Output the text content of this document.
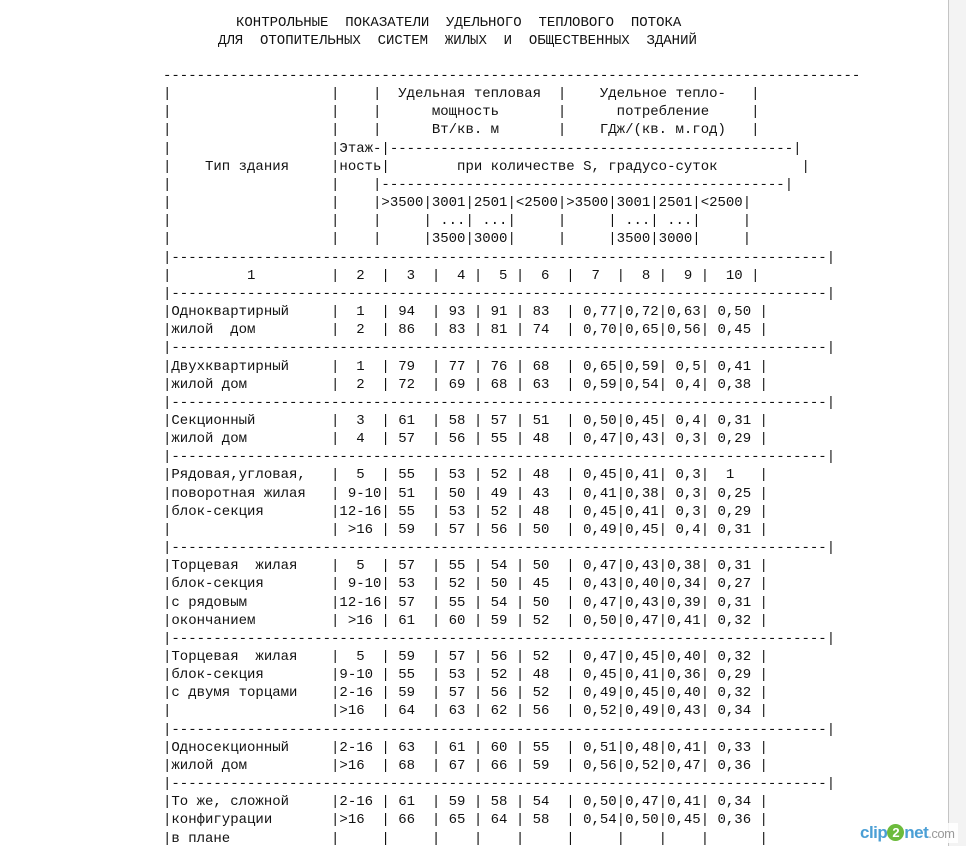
КОНТРОЛЬНЫЕ  ПОКАЗАТЕЛИ  УДЕЛЬНОГО  ТЕПЛОВОГО  ПОТОКА
ДЛЯ  ОТОПИТЕЛЬНЫХ  СИСТЕМ  ЖИЛЫХ  И  ОБЩЕСТВЕННЫХ  ЗДАНИЙ
-----------------------------------------------------------------------------------
|                   |    |  Удельная тепловая  |    Удельное тепло-   |
|                   |    |      мощность       |      потребление     |
|                   |    |      Вт/кв. м       |    ГДж/(кв. м.год)   |
|                   |Этаж-|------------------------------------------------|
|    Тип здания     |ность|        при количестве S, градусо-суток          |
|                   |    |------------------------------------------------|
|                   |    |>3500|3001|2501|<2500|>3500|3001|2501|<2500|
|                   |    |     | ...| ...|     |     | ...| ...|     |
|                   |    |     |3500|3000|     |     |3500|3000|     |
|------------------------------------------------------------------------------|
|         1         |  2  |  3  |  4 |  5 |  6  |  7  |  8 |  9 |  10 |
|------------------------------------------------------------------------------|
|Одноквартирный     |  1  | 94  | 93 | 91 | 83  | 0,77|0,72|0,63| 0,50 |
|жилой  дом         |  2  | 86  | 83 | 81 | 74  | 0,70|0,65|0,56| 0,45 |
|------------------------------------------------------------------------------|
|Двухквартирный     |  1  | 79  | 77 | 76 | 68  | 0,65|0,59| 0,5| 0,41 |
|жилой дом          |  2  | 72  | 69 | 68 | 63  | 0,59|0,54| 0,4| 0,38 |
|------------------------------------------------------------------------------|
|Секционный         |  3  | 61  | 58 | 57 | 51  | 0,50|0,45| 0,4| 0,31 |
|жилой дом          |  4  | 57  | 56 | 55 | 48  | 0,47|0,43| 0,3| 0,29 |
|------------------------------------------------------------------------------|
|Рядовая,угловая,   |  5  | 55  | 53 | 52 | 48  | 0,45|0,41| 0,3|  1   |
|поворотная жилая   | 9-10| 51  | 50 | 49 | 43  | 0,41|0,38| 0,3| 0,25 |
|блок-секция        |12-16| 55  | 53 | 52 | 48  | 0,45|0,41| 0,3| 0,29 |
|                   | >16 | 59  | 57 | 56 | 50  | 0,49|0,45| 0,4| 0,31 |
|------------------------------------------------------------------------------|
|Торцевая  жилая    |  5  | 57  | 55 | 54 | 50  | 0,47|0,43|0,38| 0,31 |
|блок-секция        | 9-10| 53  | 52 | 50 | 45  | 0,43|0,40|0,34| 0,27 |
|с рядовым          |12-16| 57  | 55 | 54 | 50  | 0,47|0,43|0,39| 0,31 |
|окончанием         | >16 | 61  | 60 | 59 | 52  | 0,50|0,47|0,41| 0,32 |
|------------------------------------------------------------------------------|
|Торцевая  жилая    |  5  | 59  | 57 | 56 | 52  | 0,47|0,45|0,40| 0,32 |
|блок-секция        |9-10 | 55  | 53 | 52 | 48  | 0,45|0,41|0,36| 0,29 |
|с двумя торцами    |2-16 | 59  | 57 | 56 | 52  | 0,49|0,45|0,40| 0,32 |
|                   |>16  | 64  | 63 | 62 | 56  | 0,52|0,49|0,43| 0,34 |
|------------------------------------------------------------------------------|
|Односекционный     |2-16 | 63  | 61 | 60 | 55  | 0,51|0,48|0,41| 0,33 |
|жилой дом          |>16  | 68  | 67 | 66 | 59  | 0,56|0,52|0,47| 0,36 |
|------------------------------------------------------------------------------|
|То же, сложной     |2-16 | 61  | 59 | 58 | 54  | 0,50|0,47|0,41| 0,34 |
|конфигурации       |>16  | 66  | 65 | 64 | 58  | 0,54|0,50|0,45| 0,36 |
|в плане            |     |     |    |    |     |     |    |    |      |	clip 2 net.com
